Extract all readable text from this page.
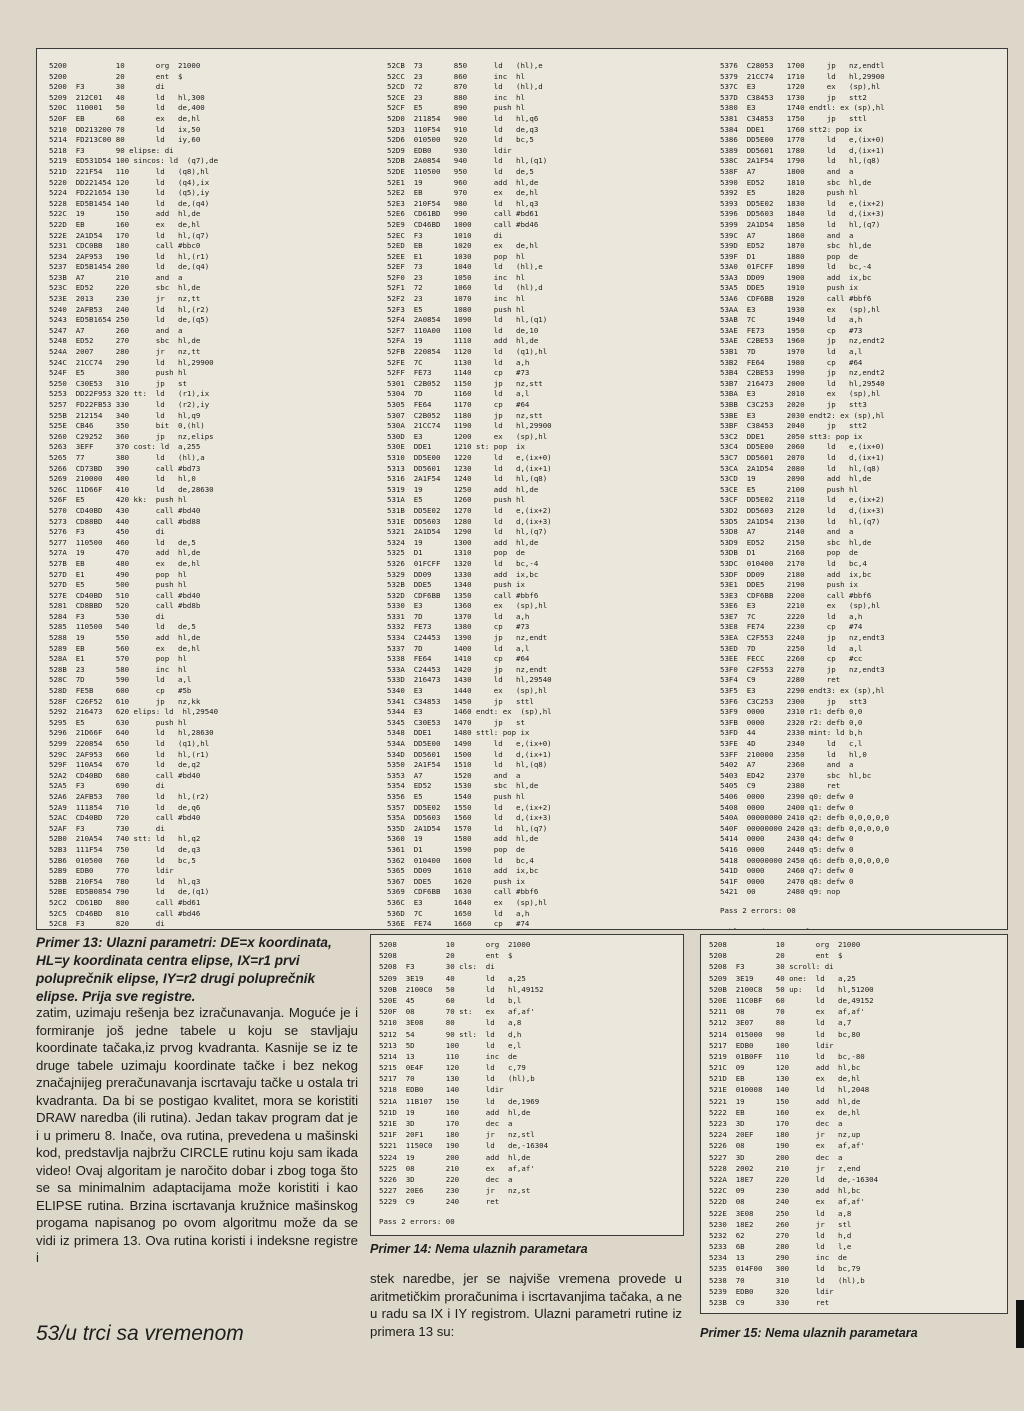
5200           10       org  21000
5200           20       ent  $
5200  F3       30       di
5209  212C01   40       ld   hl,300
520C  110001   50       ld   de,400
520F  EB       60       ex   de,hl
5210  DD213200 70       ld   ix,50
5214  FD213C00 80       ld   iy,60
5218  F3       90 elipse: di
5219  ED531D54 100 sincos: ld  (q7),de
521D  221F54   110      ld   (q8),hl
5220  DD221454 120      ld   (q4),ix
5224  FD221654 130      ld   (q5),iy
5228  ED5B1454 140      ld   de,(q4)
522C  19       150      add  hl,de
522D  EB       160      ex   de,hl
522E  2A1D54   170      ld   hl,(q7)
5231  CDC0BB   180      call #bbc0
5234  2AF953   190      ld   hl,(r1)
5237  ED5B1454 200      ld   de,(q4)
523B  A7       210      and  a
523C  ED52     220      sbc  hl,de
523E  2013     230      jr   nz,tt
5240  2AFB53   240      ld   hl,(r2)
5243  ED5B1654 250      ld   de,(q5)
5247  A7       260      and  a
5248  ED52     270      sbc  hl,de
524A  2007     280      jr   nz,tt
524C  21CC74   290      ld   hl,29900
524F  E5       300      push hl
5250  C30E53   310      jp   st
5253  DD22F953 320 tt:  ld   (r1),ix
5257  FD22FB53 330      ld   (r2),iy
525B  212154   340      ld   hl,q9
525E  CB46     350      bit  0,(hl)
5260  C29252   360      jp   nz,elips
5263  3EFF     370 cost: ld  a,255
5265  77       380      ld   (hl),a
5266  CD73BD   390      call #bd73
5269  210000   400      ld   hl,0
526C  11D66F   410      ld   de,28630
526F  E5       420 kk:  push hl
5270  CD40BD   430      call #bd40
5273  CD88BD   440      call #bd88
5276  F3       450      di
5277  110500   460      ld   de,5
527A  19       470      add  hl,de
527B  EB       480      ex   de,hl
527D  E1       490      pop  hl
527D  E5       500      push hl
527E  CD40BD   510      call #bd40
5281  CD8BBD   520      call #bd8b
5284  F3       530      di
5285  110500   540      ld   de,5
5288  19       550      add  hl,de
5289  EB       560      ex   de,hl
528A  E1       570      pop  hl
528B  23       580      inc  hl
528C  7D       590      ld   a,l
528D  FE5B     600      cp   #5b
528F  C26F52   610      jp   nz,kk
5292  216473   620 elips: ld  hl,29540
5295  E5       630      push hl
5296  21D66F   640      ld   hl,28630
5299  220854   650      ld   (q1),hl
529C  2AF953   660      ld   hl,(r1)
529F  110A54   670      ld   de,q2
52A2  CD40BD   680      call #bd40
52A5  F3       690      di
52A6  2AFB53   700      ld   hl,(r2)
52A9  111854   710      ld   de,q6
52AC  CD40BD   720      call #bd40
52AF  F3       730      di
52B0  210A54   740 stt: ld   hl,q2
52B3  111F54   750      ld   de,q3
52B6  010500   760      ld   bc,5
52B9  EDB0     770      ldir
52BB  210F54   780      ld   hl,q3
52BE  ED5B0854 790      ld   de,(q1)
52C2  CD61BD   800      call #bd61
52C5  CD46BD   810      call #bd46
52C8  F3       820      di
52CB  73       850      ld   (hl),e
52CC  23       860      inc  hl
52CD  72       870      ld   (hl),d
52CE  23       880      inc  hl
52CF  E5       890      push hl
52D0  211854   900      ld   hl,q6
52D3  110F54   910      ld   de,q3
52D6  010500   920      ld   bc,5
52D9  EDB0     930      ldir
52DB  2A0854   940      ld   hl,(q1)
52DE  110500   950      ld   de,5
52E1  19       960      add  hl,de
52E2  EB       970      ex   de,hl
52E3  210F54   980      ld   hl,q3
52E6  CD61BD   990      call #bd61
52E9  CD46BD   1000     call #bd46
52EC  F3       1010     di
52ED  EB       1020     ex   de,hl
52EE  E1       1030     pop  hl
52EF  73       1040     ld   (hl),e
52F0  23       1050     inc  hl
52F1  72       1060     ld   (hl),d
52F2  23       1070     inc  hl
52F3  E5       1080     push hl
52F4  2A0854   1090     ld   hl,(q1)
52F7  110A00   1100     ld   de,10
52FA  19       1110     add  hl,de
52FB  220854   1120     ld   (q1),hl
52FE  7C       1130     ld   a,h
52FF  FE73     1140     cp   #73
5301  C2B052   1150     jp   nz,stt
5304  7D       1160     ld   a,l
5305  FE64     1170     cp   #64
5307  C2B052   1180     jp   nz,stt
530A  21CC74   1190     ld   hl,29900
530D  E3       1200     ex   (sp),hl
530E  DDE1     1210 st: pop  ix
5310  DD5E00   1220     ld   e,(ix+0)
5313  DD5601   1230     ld   d,(ix+1)
5316  2A1F54   1240     ld   hl,(q8)
5319  19       1250     add  hl,de
531A  E5       1260     push hl
531B  DD5E02   1270     ld   e,(ix+2)
531E  DD5603   1280     ld   d,(ix+3)
5321  2A1D54   1290     ld   hl,(q7)
5324  19       1300     add  hl,de
5325  D1       1310     pop  de
5326  01FCFF   1320     ld   bc,-4
5329  DD09     1330     add  ix,bc
532B  DDE5     1340     push ix
532D  CDF6BB   1350     call #bbf6
5330  E3       1360     ex   (sp),hl
5331  7D       1370     ld   a,h
5332  FE73     1380     cp   #73
5334  C24453   1390     jp   nz,endt
5337  7D       1400     ld   a,l
5338  FE64     1410     cp   #64
533A  C24453   1420     jp   nz,endt
533D  216473   1430     ld   hl,29540
5340  E3       1440     ex   (sp),hl
5341  C34853   1450     jp   sttl
5344  E3       1460 endt: ex  (sp),hl
5345  C30E53   1470     jp   st
5348  DDE1     1480 sttl: pop ix
534A  DD5E00   1490     ld   e,(ix+0)
534D  DD5601   1500     ld   d,(ix+1)
5350  2A1F54   1510     ld   hl,(q8)
5353  A7       1520     and  a
5354  ED52     1530     sbc  hl,de
5356  E5       1540     push hl
5357  DD5E02   1550     ld   e,(ix+2)
535A  DD5603   1560     ld   d,(ix+3)
535D  2A1D54   1570     ld   hl,(q7)
5360  19       1580     add  hl,de
5361  D1       1590     pop  de
5362  010400   1600     ld   bc,4
5365  DD09     1610     add  ix,bc
5367  DDE5     1620     push ix
5369  CDF6BB   1630     call #bbf6
536C  E3       1640     ex   (sp),hl
536D  7C       1650     ld   a,h
536E  FE74     1660     cp   #74
5376  C28053   1700     jp   nz,endtl
5379  21CC74   1710     ld   hl,29900
537C  E3       1720     ex   (sp),hl
537D  C38453   1730     jp   stt2
5380  E3       1740 endtl: ex (sp),hl
5381  C34853   1750     jp   sttl
5384  DDE1     1760 stt2: pop ix
5386  DD5E00   1770     ld   e,(ix+0)
5389  DD5601   1780     ld   d,(ix+1)
538C  2A1F54   1790     ld   hl,(q8)
538F  A7       1800     and  a
5390  ED52     1810     sbc  hl,de
5392  E5       1820     push hl
5393  DD5E02   1830     ld   e,(ix+2)
5396  DD5603   1840     ld   d,(ix+3)
5399  2A1D54   1850     ld   hl,(q7)
539C  A7       1860     and  a
539D  ED52     1870     sbc  hl,de
539F  D1       1880     pop  de
53A0  01FCFF   1890     ld   bc,-4
53A3  DD09     1900     add  ix,bc
53A5  DDE5     1910     push ix
53A6  CDF6BB   1920     call #bbf6
53AA  E3       1930     ex   (sp),hl
53AB  7C       1940     ld   a,h
53AE  FE73     1950     cp   #73
53AE  C2BE53   1960     jp   nz,endt2
53B1  7D       1970     ld   a,l
53B2  FE64     1980     cp   #64
53B4  C2BE53   1990     jp   nz,endt2
53B7  216473   2000     ld   hl,29540
53BA  E3       2010     ex   (sp),hl
53BB  C3C253   2020     jp   stt3
53BE  E3       2030 endt2: ex (sp),hl
53BF  C38453   2040     jp   stt2
53C2  DDE1     2050 stt3: pop ix
53C4  DD5E00   2060     ld   e,(ix+0)
53C7  DD5601   2070     ld   d,(ix+1)
53CA  2A1D54   2080     ld   hl,(q8)
53CD  19       2090     add  hl,de
53CE  E5       2100     push hl
53CF  DD5E02   2110     ld   e,(ix+2)
53D2  DD5603   2120     ld   d,(ix+3)
53D5  2A1D54   2130     ld   hl,(q7)
53D8  A7       2140     and  a
53D9  ED52     2150     sbc  hl,de
53DB  D1       2160     pop  de
53DC  010400   2170     ld   bc,4
53DF  DD09     2180     add  ix,bc
53E1  DDE5     2190     push ix
53E3  CDF6BB   2200     call #bbf6
53E6  E3       2210     ex   (sp),hl
53E7  7C       2220     ld   a,h
53E8  FE74     2230     cp   #74
53EA  C2F553   2240     jp   nz,endt3
53ED  7D       2250     ld   a,l
53EE  FECC     2260     cp   #cc
53F0  C2F553   2270     jp   nz,endt3
53F4  C9       2280     ret
53F5  E3       2290 endt3: ex (sp),hl
53F6  C3C253   2300     jp   stt3
53F9  0000     2310 r1: defb 0,0
53FB  0000     2320 r2: defb 0,0
53FD  44       2330 mint: ld b,h
53FE  4D       2340     ld   c,l
53FF  210000   2350     ld   hl,0
5402  A7       2360     and  a
5403  ED42     2370     sbc  hl,bc
5405  C9       2380     ret
5406  0000     2390 q0: defw 0
5408  0000     2400 q1: defw 0
540A  00000000 2410 q2: defb 0,0,0,0,0
540F  00000000 2420 q3: defb 0,0,0,0,0
5414  0000     2430 q4: defw 0
5416  0000     2440 q5: defw 0
5418  00000000 2450 q6: defb 0,0,0,0,0
541D  0000     2460 q7: defw 0
541F  0000     2470 q8: defw 0
5421  00       2480 q9: nop
Pass 2 errors: 00

Primer 13: Ulazni parametri: DE=x koordinata, HL=y koordinata centra elipse, IX=r1 prvi poluprečnik elipse, IY=r2 drugi poluprečnik elipse. Prija sve registre.
zatim, uzimaju rešenja bez izračunavanja. Moguće je i formiranje još jedne tabele u koju se stavljaju koordinate tačaka,iz prvog kvadranta. Kasnije se iz te druge tabele uzimaju koordinate tačke i bez nekog značajnijeg preračunavanja iscrtavaju tačke u ostala tri kvadranta. Da bi se postigao kvalitet, mora se koristiti DRAW naredba (ili rutina). Jedan takav program dat je i u primeru 8. Inače, ova rutina, prevedena u mašinski kod, predstavlja najbržu CIRCLE rutinu koju sam ikada video! Ovaj algoritam je naročito dobar i zbog toga što se sa minimalnim adaptacijama može koristiti i kao ELIPSE rutina. Brzina iscrtavanja kružnice mašinskog progama napisanog po ovom algoritmu može da se vidi iz primera 13. Ova rutina koristi i indeksne registre i
5208           10       org  21000
5208           20       ent  $
5208  F3       30 cls:  di
5209  3E19     40       ld   a,25
520B  2100C0   50       ld   hl,49152
520E  45       60       ld   b,l
520F  08       70 st:   ex   af,af'
5210  3E08     80       ld   a,8
5212  54       90 stl:  ld   d,h
5213  5D       100      ld   e,l
5214  13       110      inc  de
5215  0E4F     120      ld   c,79
5217  70       130      ld   (hl),b
5218  EDB0     140      ldir
521A  11B107   150      ld   de,1969
521D  19       160      add  hl,de
521E  3D       170      dec  a
521F  20F1     180      jr   nz,stl
5221  1150C0   190      ld   de,-16304
5224  19       200      add  hl,de
5225  08       210      ex   af,af'
5226  3D       220      dec  a
5227  20E6     230      jr   nz,st
5229  C9       240      ret
Pass 2 errors: 00

Primer 14: Nema ulaznih parametara
stek naredbe, jer se najviše vremena provede u aritmetičkim proračunima i iscrtavanjima tačaka, a ne u radu sa IX i IY registrom. Ulazni parametri rutine iz primera 13 su:
5208           10       org  21000
5208           20       ent  $
5208  F3       30 scroll: di
5209  3E19     40 one:  ld   a,25
520B  2100C8   50 up:   ld   hl,51200
520E  11C0BF   60       ld   de,49152
5211  08       70       ex   af,af'
5212  3E07     80       ld   a,7
5214  015000   90       ld   bc,80
5217  EDB0     100      ldir
5219  01B0FF   110      ld   bc,-80
521C  09       120      add  hl,bc
521D  EB       130      ex   de,hl
521E  010008   140      ld   hl,2048
5221  19       150      add  hl,de
5222  EB       160      ex   de,hl
5223  3D       170      dec  a
5224  20EF     180      jr   nz,up
5226  08       190      ex   af,af'
5227  3D       200      dec  a
5228  2002     210      jr   z,end
522A  18E7     220      ld   de,-16304
522C  09       230      add  hl,bc
522D  08       240      ex   af,af'
522E  3E08     250      ld   a,8
5230  18E2     260      jr   stl
5232  62       270      ld   h,d
5233  6B       280      ld   l,e
5234  13       290      inc  de
5235  014F00   300      ld   bc,79
5238  70       310      ld   (hl),b
5239  EDB0     320      ldir
523B  C9       330      ret

Primer 15: Nema ulaznih parametara
53/u trci sa vremenom
